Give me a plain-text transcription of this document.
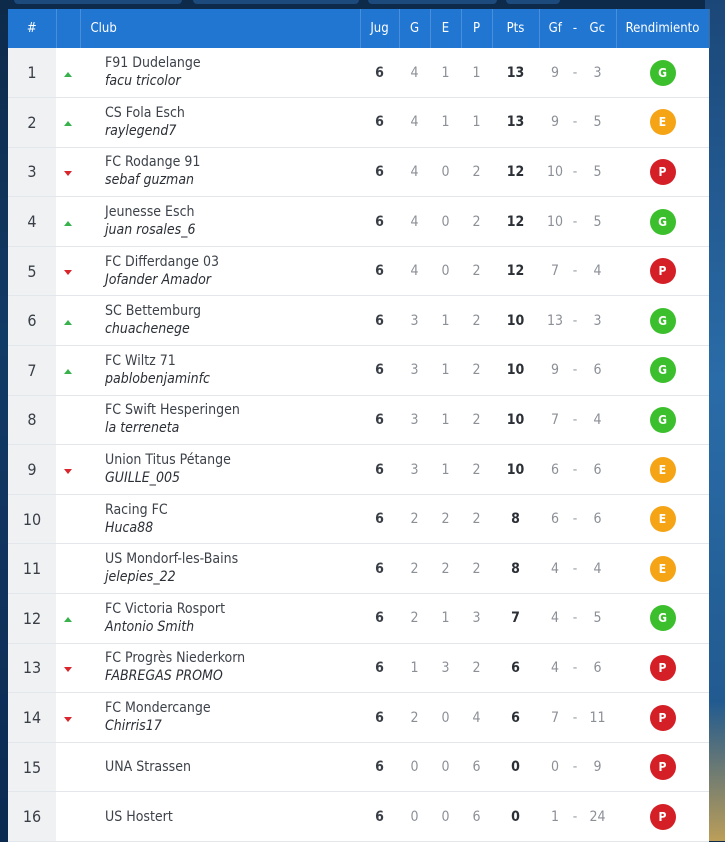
#		Club	Jug	G	E	P	Pts	Gf	-	Gc	Rendimiento
1		F91 Dudelange
facu tricolor	6	4	1	1	13	9	-	3	G
2		CS Fola Esch
raylegend7	6	4	1	1	13	9	-	5	E
3		FC Rodange 91
sebaf guzman	6	4	0	2	12	10	-	5	P
4		Jeunesse Esch
juan rosales_6	6	4	0	2	12	10	-	5	G
5		FC Differdange 03
Jofander Amador	6	4	0	2	12	7	-	4	P
6		SC Bettemburg
chuachenege	6	3	1	2	10	13	-	3	G
7		FC Wiltz 71
pablobenjaminfc	6	3	1	2	10	9	-	6	G
8		FC Swift Hesperingen
la terreneta	6	3	1	2	10	7	-	4	G
9		Union Titus Pétange
GUILLE_005	6	3	1	2	10	6	-	6	E
10		Racing FC
Huca88	6	2	2	2	8	6	-	6	E
11		US Mondorf-les-Bains
jelepies_22	6	2	2	2	8	4	-	4	E
12		FC Victoria Rosport
Antonio Smith	6	2	1	3	7	4	-	5	G
13		FC Progrès Niederkorn
FABREGAS PROMO	6	1	3	2	6	4	-	6	P
14		FC Mondercange
Chirris17	6	2	0	4	6	7	-	11	P
15		UNA Strassen	6	0	0	6	0	0	-	9	P
16		US Hostert	6	0	0	6	0	1	-	24	P
